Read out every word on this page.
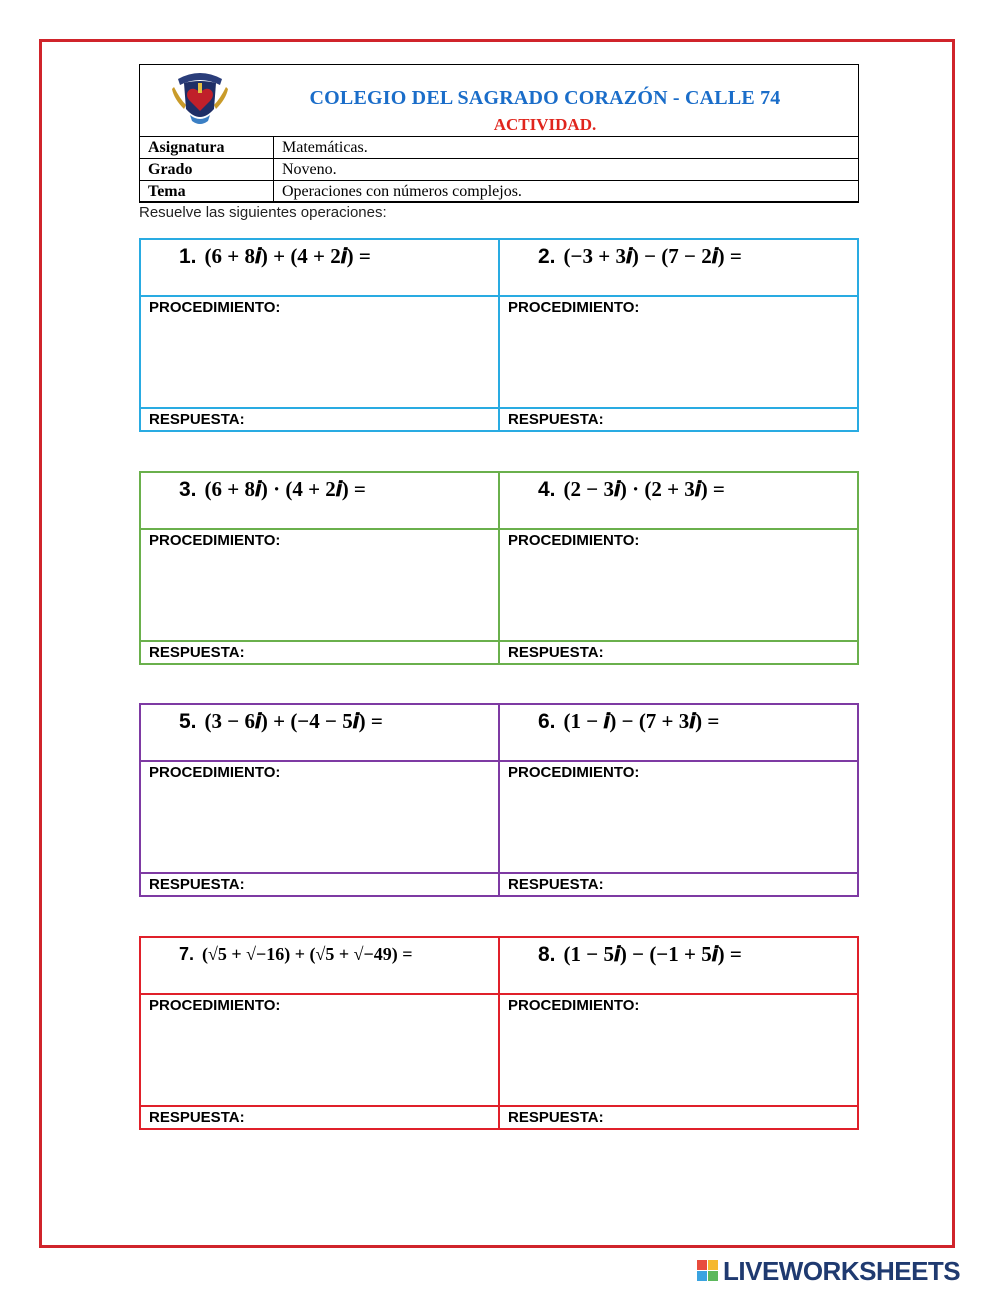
COLEGIO DEL SAGRADO CORAZÓN - CALLE 74
ACTIVIDAD.
Asignatura	Matemáticas.
Grado	Noveno.
Tema	Operaciones con números complejos.
Resuelve las siguientes operaciones:
1. (6 + 8𝒊) + (4 + 2𝒊) =	2. (−3 + 3𝒊) − (7 − 2𝒊) =

PROCEDIMIENTO:	PROCEDIMIENTO:

RESPUESTA:	RESPUESTA:
3. (6 + 8𝒊) · (4 + 2𝒊) =	4. (2 − 3𝒊) · (2 + 3𝒊) =

PROCEDIMIENTO:	PROCEDIMIENTO:

RESPUESTA:	RESPUESTA:
5. (3 − 6𝒊) + (−4 − 5𝒊) =	6. (1 − 𝒊) − (7 + 3𝒊) =

PROCEDIMIENTO:	PROCEDIMIENTO:

RESPUESTA:	RESPUESTA:
7. (√5 + √−16) + (√5 + √−49) =	8. (1 − 5𝒊) − (−1 + 5𝒊) =

PROCEDIMIENTO:	PROCEDIMIENTO:

RESPUESTA:	RESPUESTA:
LIVEWORKSHEETS
